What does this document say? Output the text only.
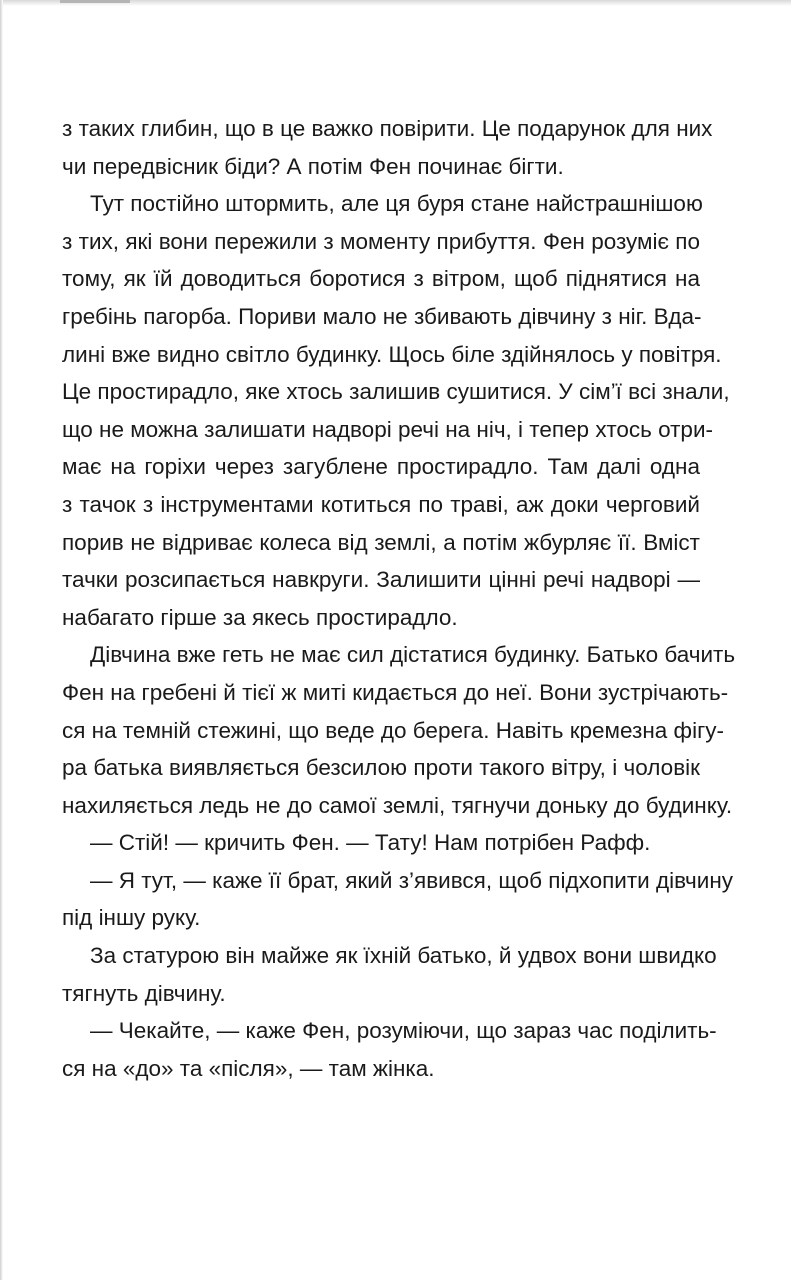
з таких глибин, що в це важко повірити. Це подарунок для них
чи передвісник біди? А потім Фен починає бігти.
Тут постійно штормить, але ця буря стане найстрашнішою
з тих, які вони пережили з моменту прибуття. Фен розуміє по
тому, як їй доводиться боротися з вітром, щоб піднятися на
гребінь пагорба. Пориви мало не збивають дівчину з ніг. Вда-
лині вже видно світло будинку. Щось біле здійнялось у повітря.
Це простирадло, яке хтось залишив сушитися. У сім’ї всі знали,
що не можна залишати надворі речі на ніч, і тепер хтось отри-
має на горіхи через загублене простирадло. Там далі одна
з тачок з інструментами котиться по траві, аж доки черговий
порив не відриває колеса від землі, а потім жбурляє її. Вміст
тачки розсипається навкруги. Залишити цінні речі надворі —
набагато гірше за якесь простирадло.
Дівчина вже геть не має сил дістатися будинку. Батько бачить
Фен на гребені й тієї ж миті кидається до неї. Вони зустрічають-
ся на темній стежині, що веде до берега. Навіть кремезна фігу-
ра батька виявляється безсилою проти такого вітру, і чоловік
нахиляється ледь не до самої землі, тягнучи доньку до будинку.
— Стій! — кричить Фен. — Тату! Нам потрібен Рафф.
— Я тут, — каже її брат, який з’явився, щоб підхопити дівчину
під іншу руку.
За статурою він майже як їхній батько, й удвох вони швидко
тягнуть дівчину.
— Чекайте, — каже Фен, розуміючи, що зараз час поділить-
ся на «до» та «після», — там жінка.
